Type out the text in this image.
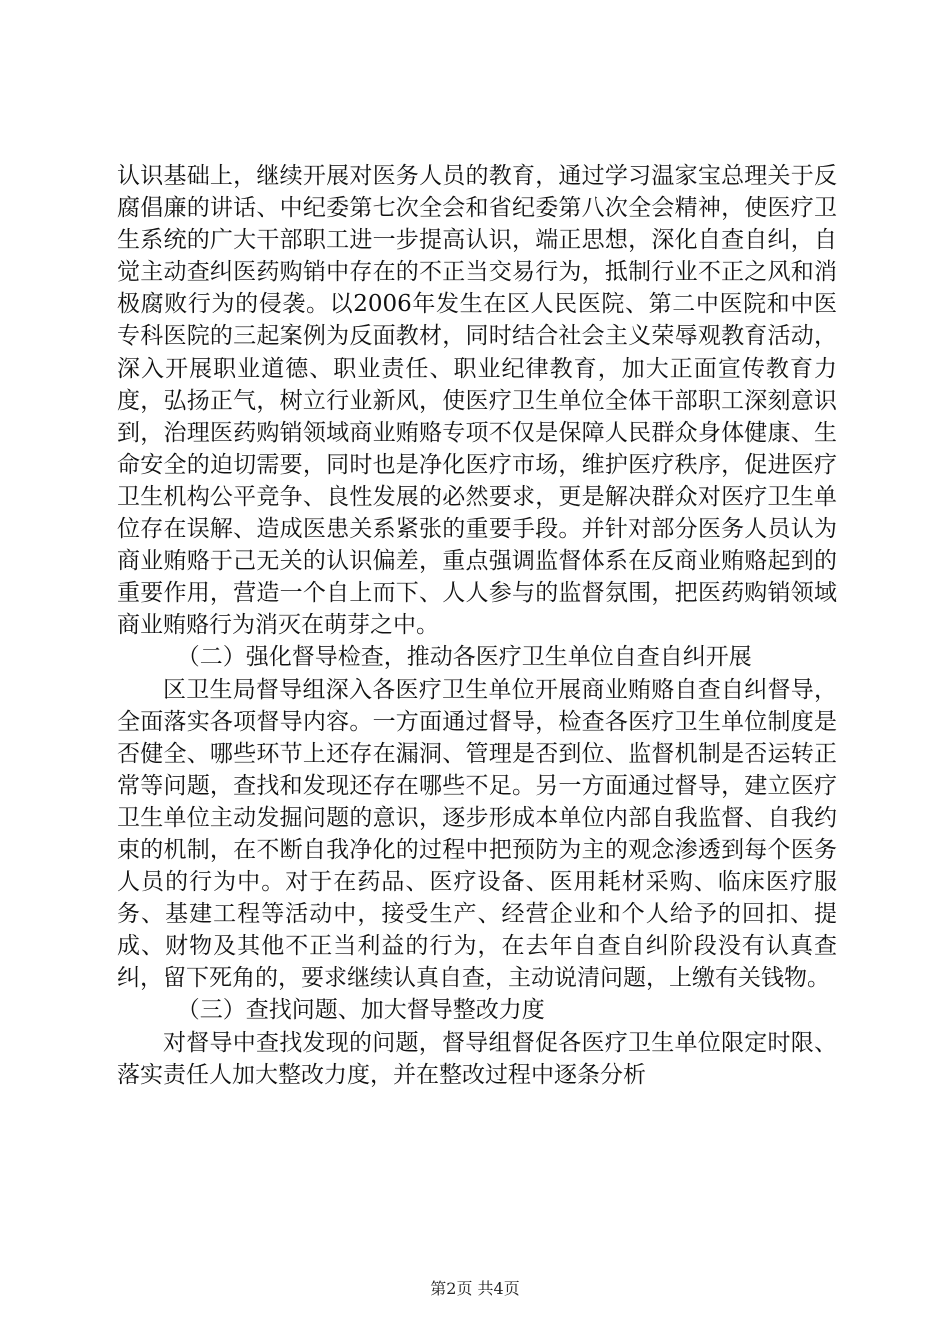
认识基础上，继续开展对医务人员的教育，通过学习温家宝总理关于反腐倡廉的讲话、中纪委第七次全会和省纪委第八次全会精神，使医疗卫生系统的广大干部职工进一步提高认识，端正思想，深化自查自纠，自觉主动查纠医药购销中存在的不正当交易行为，抵制行业不正之风和消极腐败行为的侵袭。以2006年发生在区人民医院、第二中医院和中医专科医院的三起案例为反面教材，同时结合社会主义荣辱观教育活动，深入开展职业道德、职业责任、职业纪律教育，加大正面宣传教育力度，弘扬正气，树立行业新风，使医疗卫生单位全体干部职工深刻意识到，治理医药购销领域商业贿赂专项不仅是保障人民群众身体健康、生命安全的迫切需要，同时也是净化医疗市场，维护医疗秩序，促进医疗卫生机构公平竞争、良性发展的必然要求，更是解决群众对医疗卫生单位存在误解、造成医患关系紧张的重要手段。并针对部分医务人员认为商业贿赂于己无关的认识偏差，重点强调监督体系在反商业贿赂起到的重要作用，营造一个自上而下、人人参与的监督氛围，把医药购销领域商业贿赂行为消灭在萌芽之中。

（二）强化督导检查，推动各医疗卫生单位自查自纠开展

区卫生局督导组深入各医疗卫生单位开展商业贿赂自查自纠督导，全面落实各项督导内容。一方面通过督导，检查各医疗卫生单位制度是否健全、哪些环节上还存在漏洞、管理是否到位、监督机制是否运转正常等问题，查找和发现还存在哪些不足。另一方面通过督导，建立医疗卫生单位主动发掘问题的意识，逐步形成本单位内部自我监督、自我约束的机制，在不断自我净化的过程中把预防为主的观念渗透到每个医务人员的行为中。对于在药品、医疗设备、医用耗材采购、临床医疗服务、基建工程等活动中，接受生产、经营企业和个人给予的回扣、提成、财物及其他不正当利益的行为，在去年自查自纠阶段没有认真查纠，留下死角的，要求继续认真自查，主动说清问题，上缴有关钱物。

（三）查找问题、加大督导整改力度

对督导中查找发现的问题，督导组督促各医疗卫生单位限定时限、落实责任人加大整改力度，并在整改过程中逐条分析

第2页 共4页
